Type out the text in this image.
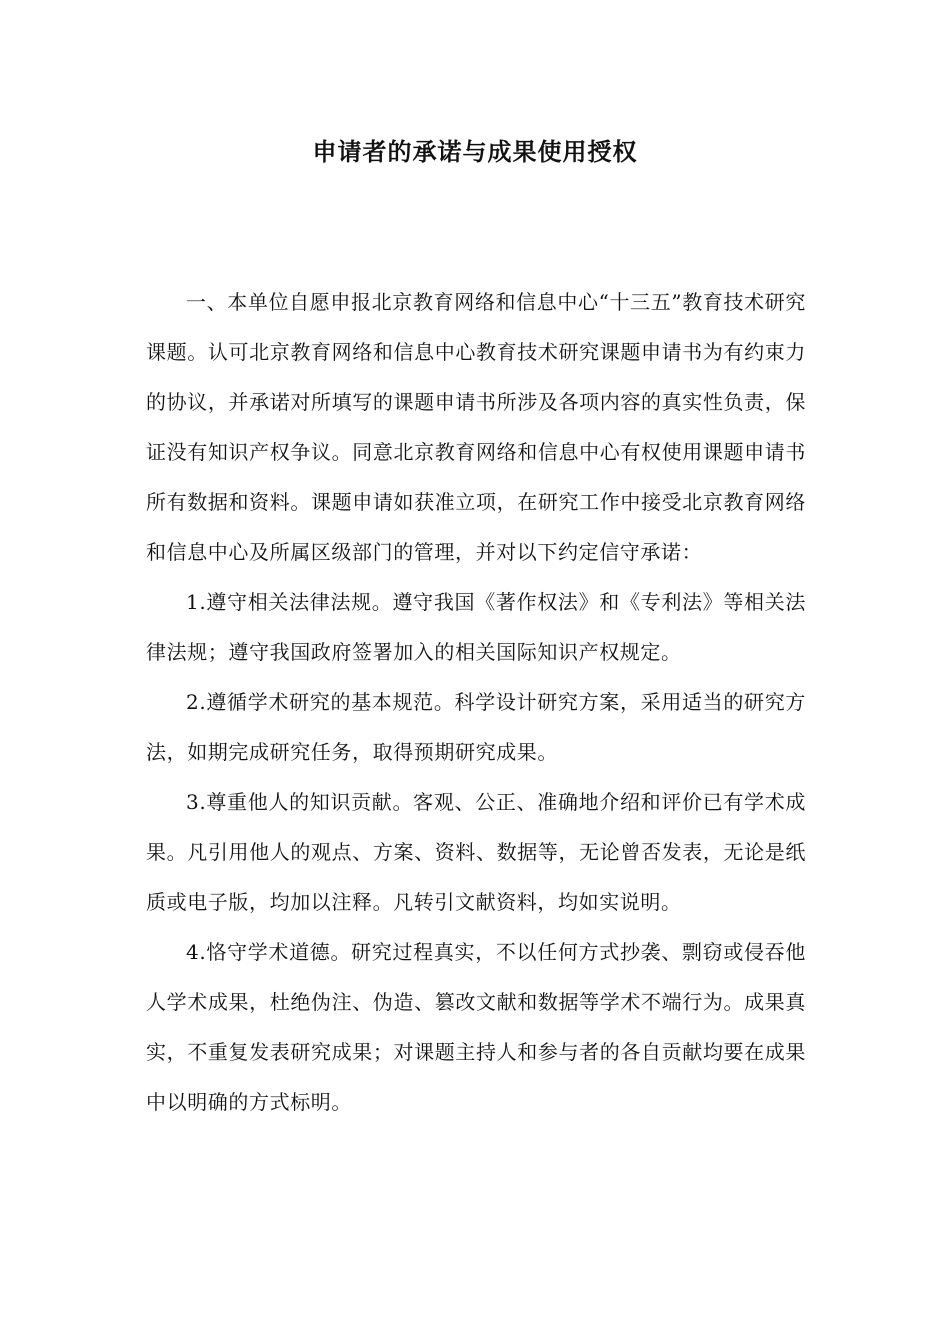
申请者的承诺与成果使用授权

一、本单位自愿申报北京教育网络和信息中心“十三五”教育技术研究课题。认可北京教育网络和信息中心教育技术研究课题申请书为有约束力的协议，并承诺对所填写的课题申请书所涉及各项内容的真实性负责，保证没有知识产权争议。同意北京教育网络和信息中心有权使用课题申请书所有数据和资料。课题申请如获准立项，在研究工作中接受北京教育网络和信息中心及所属区级部门的管理，并对以下约定信守承诺：

1.遵守相关法律法规。遵守我国《著作权法》和《专利法》等相关法律法规；遵守我国政府签署加入的相关国际知识产权规定。

2.遵循学术研究的基本规范。科学设计研究方案，采用适当的研究方法，如期完成研究任务，取得预期研究成果。

3.尊重他人的知识贡献。客观、公正、准确地介绍和评价已有学术成果。凡引用他人的观点、方案、资料、数据等，无论曾否发表，无论是纸质或电子版，均加以注释。凡转引文献资料，均如实说明。

4.恪守学术道德。研究过程真实，不以任何方式抄袭、剽窃或侵吞他人学术成果，杜绝伪注、伪造、篡改文献和数据等学术不端行为。成果真实，不重复发表研究成果；对课题主持人和参与者的各自贡献均要在成果中以明确的方式标明。
